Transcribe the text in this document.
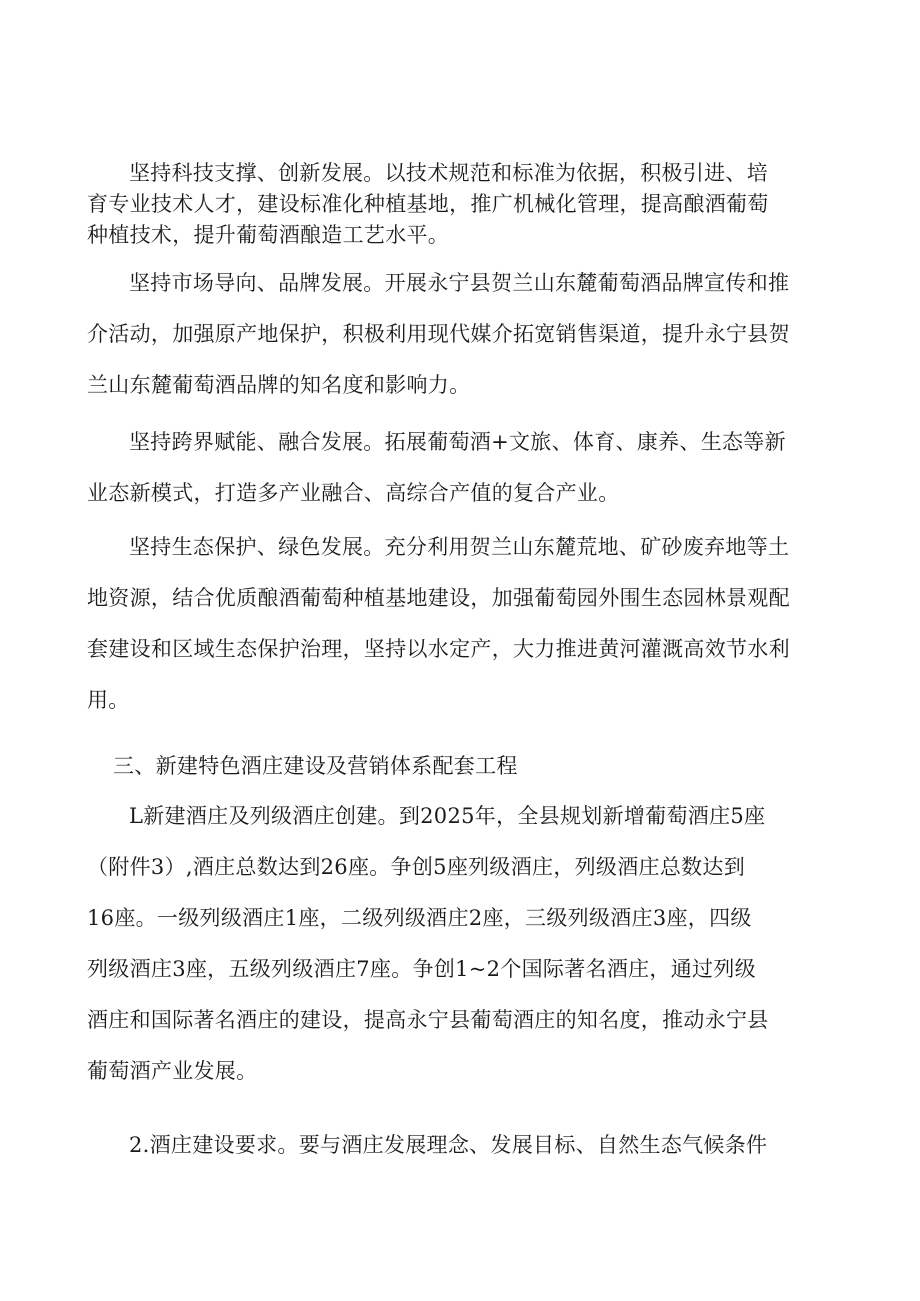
坚持科技支撑、创新发展。以技术规范和标准为依据，积极引进、培
育专业技术人才，建设标准化种植基地，推广机械化管理，提高酿酒葡萄
种植技术，提升葡萄酒酿造工艺水平。
坚持市场导向、品牌发展。开展永宁县贺兰山东麓葡萄酒品牌宣传和推
介活动，加强原产地保护，积极利用现代媒介拓宽销售渠道，提升永宁县贺
兰山东麓葡萄酒品牌的知名度和影响力。
坚持跨界赋能、融合发展。拓展葡萄酒+文旅、体育、康养、生态等新
业态新模式，打造多产业融合、高综合产值的复合产业。
坚持生态保护、绿色发展。充分利用贺兰山东麓荒地、矿砂废弃地等土
地资源，结合优质酿酒葡萄种植基地建设，加强葡萄园外围生态园林景观配
套建设和区域生态保护治理，坚持以水定产，大力推进黄河灌溉高效节水利
用。
三、新建特色酒庄建设及营销体系配套工程
L新建酒庄及列级酒庄创建。到2025年，全县规划新增葡萄酒庄5座
（附件3）,酒庄总数达到26座。争创5座列级酒庄，列级酒庄总数达到
16座。一级列级酒庄1座，二级列级酒庄2座，三级列级酒庄3座，四级
列级酒庄3座，五级列级酒庄7座。争创1~2个国际著名酒庄，通过列级
酒庄和国际著名酒庄的建设，提高永宁县葡萄酒庄的知名度，推动永宁县
葡萄酒产业发展。
2.酒庄建设要求。要与酒庄发展理念、发展目标、自然生态气候条件
